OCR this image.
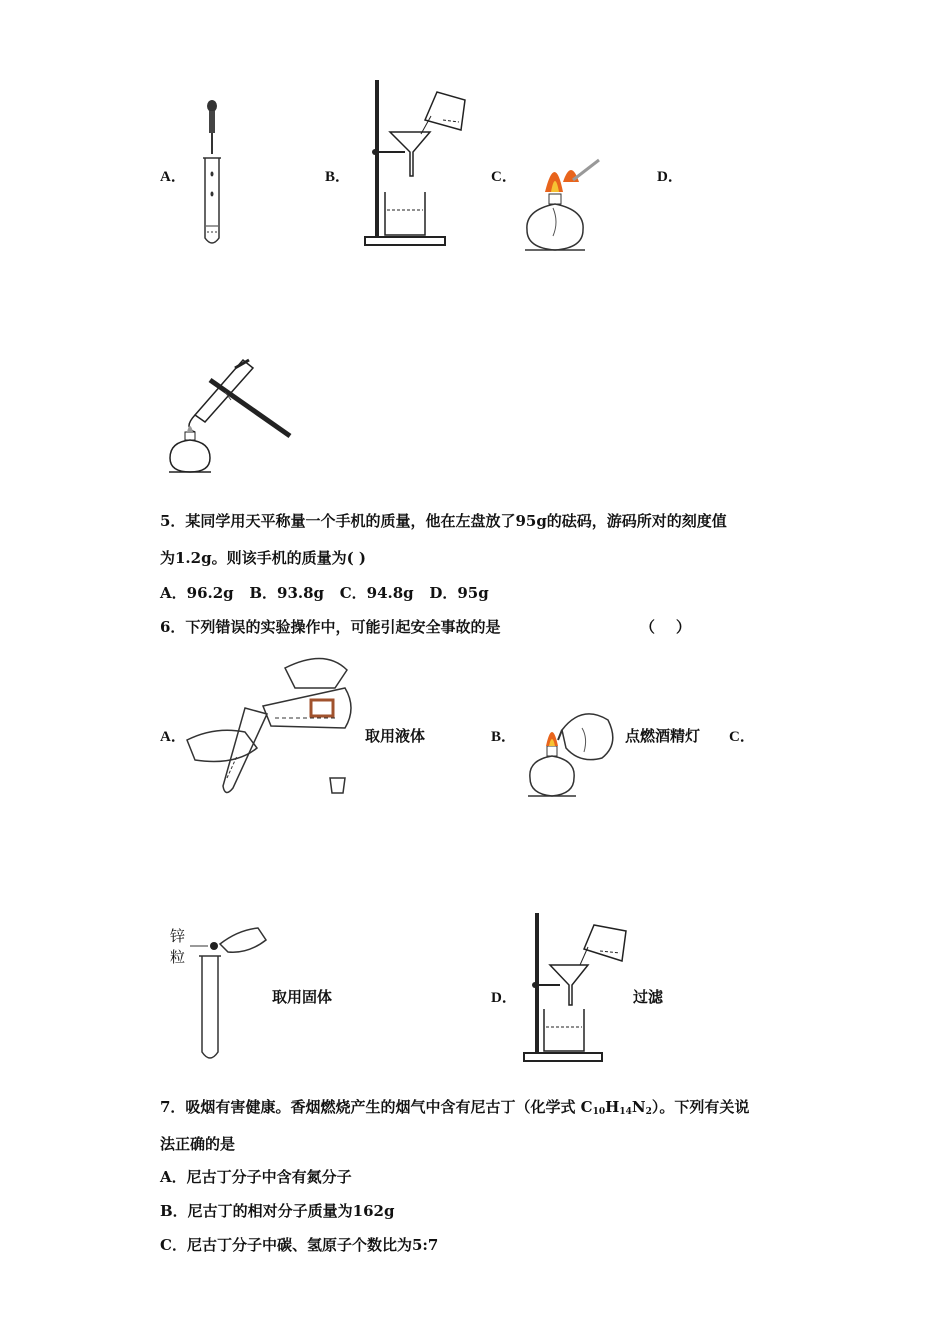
A．	B．	C．	D．
5．某同学用天平称量一个手机的质量，他在左盘放了95g的砝码，游码所对的刻度值
为1.2g。则该手机的质量为( )
A．96.2g   B．93.8g   C．94.8g   D．95g
6．下列错误的实验操作中，可能引起安全事故的是	（    ）
A．	取用液体	B．	点燃酒精灯 C．
锌
粒
取用固体	D．	过滤
7．吸烟有害健康。香烟燃烧产生的烟气中含有尼古丁（化学式 $C_{10}H_{14}N_2$）。下列有关说
法正确的是
A．尼古丁分子中含有氮分子
B．尼古丁的相对分子质量为162g
C．尼古丁分子中碳、氢原子个数比为5:7
